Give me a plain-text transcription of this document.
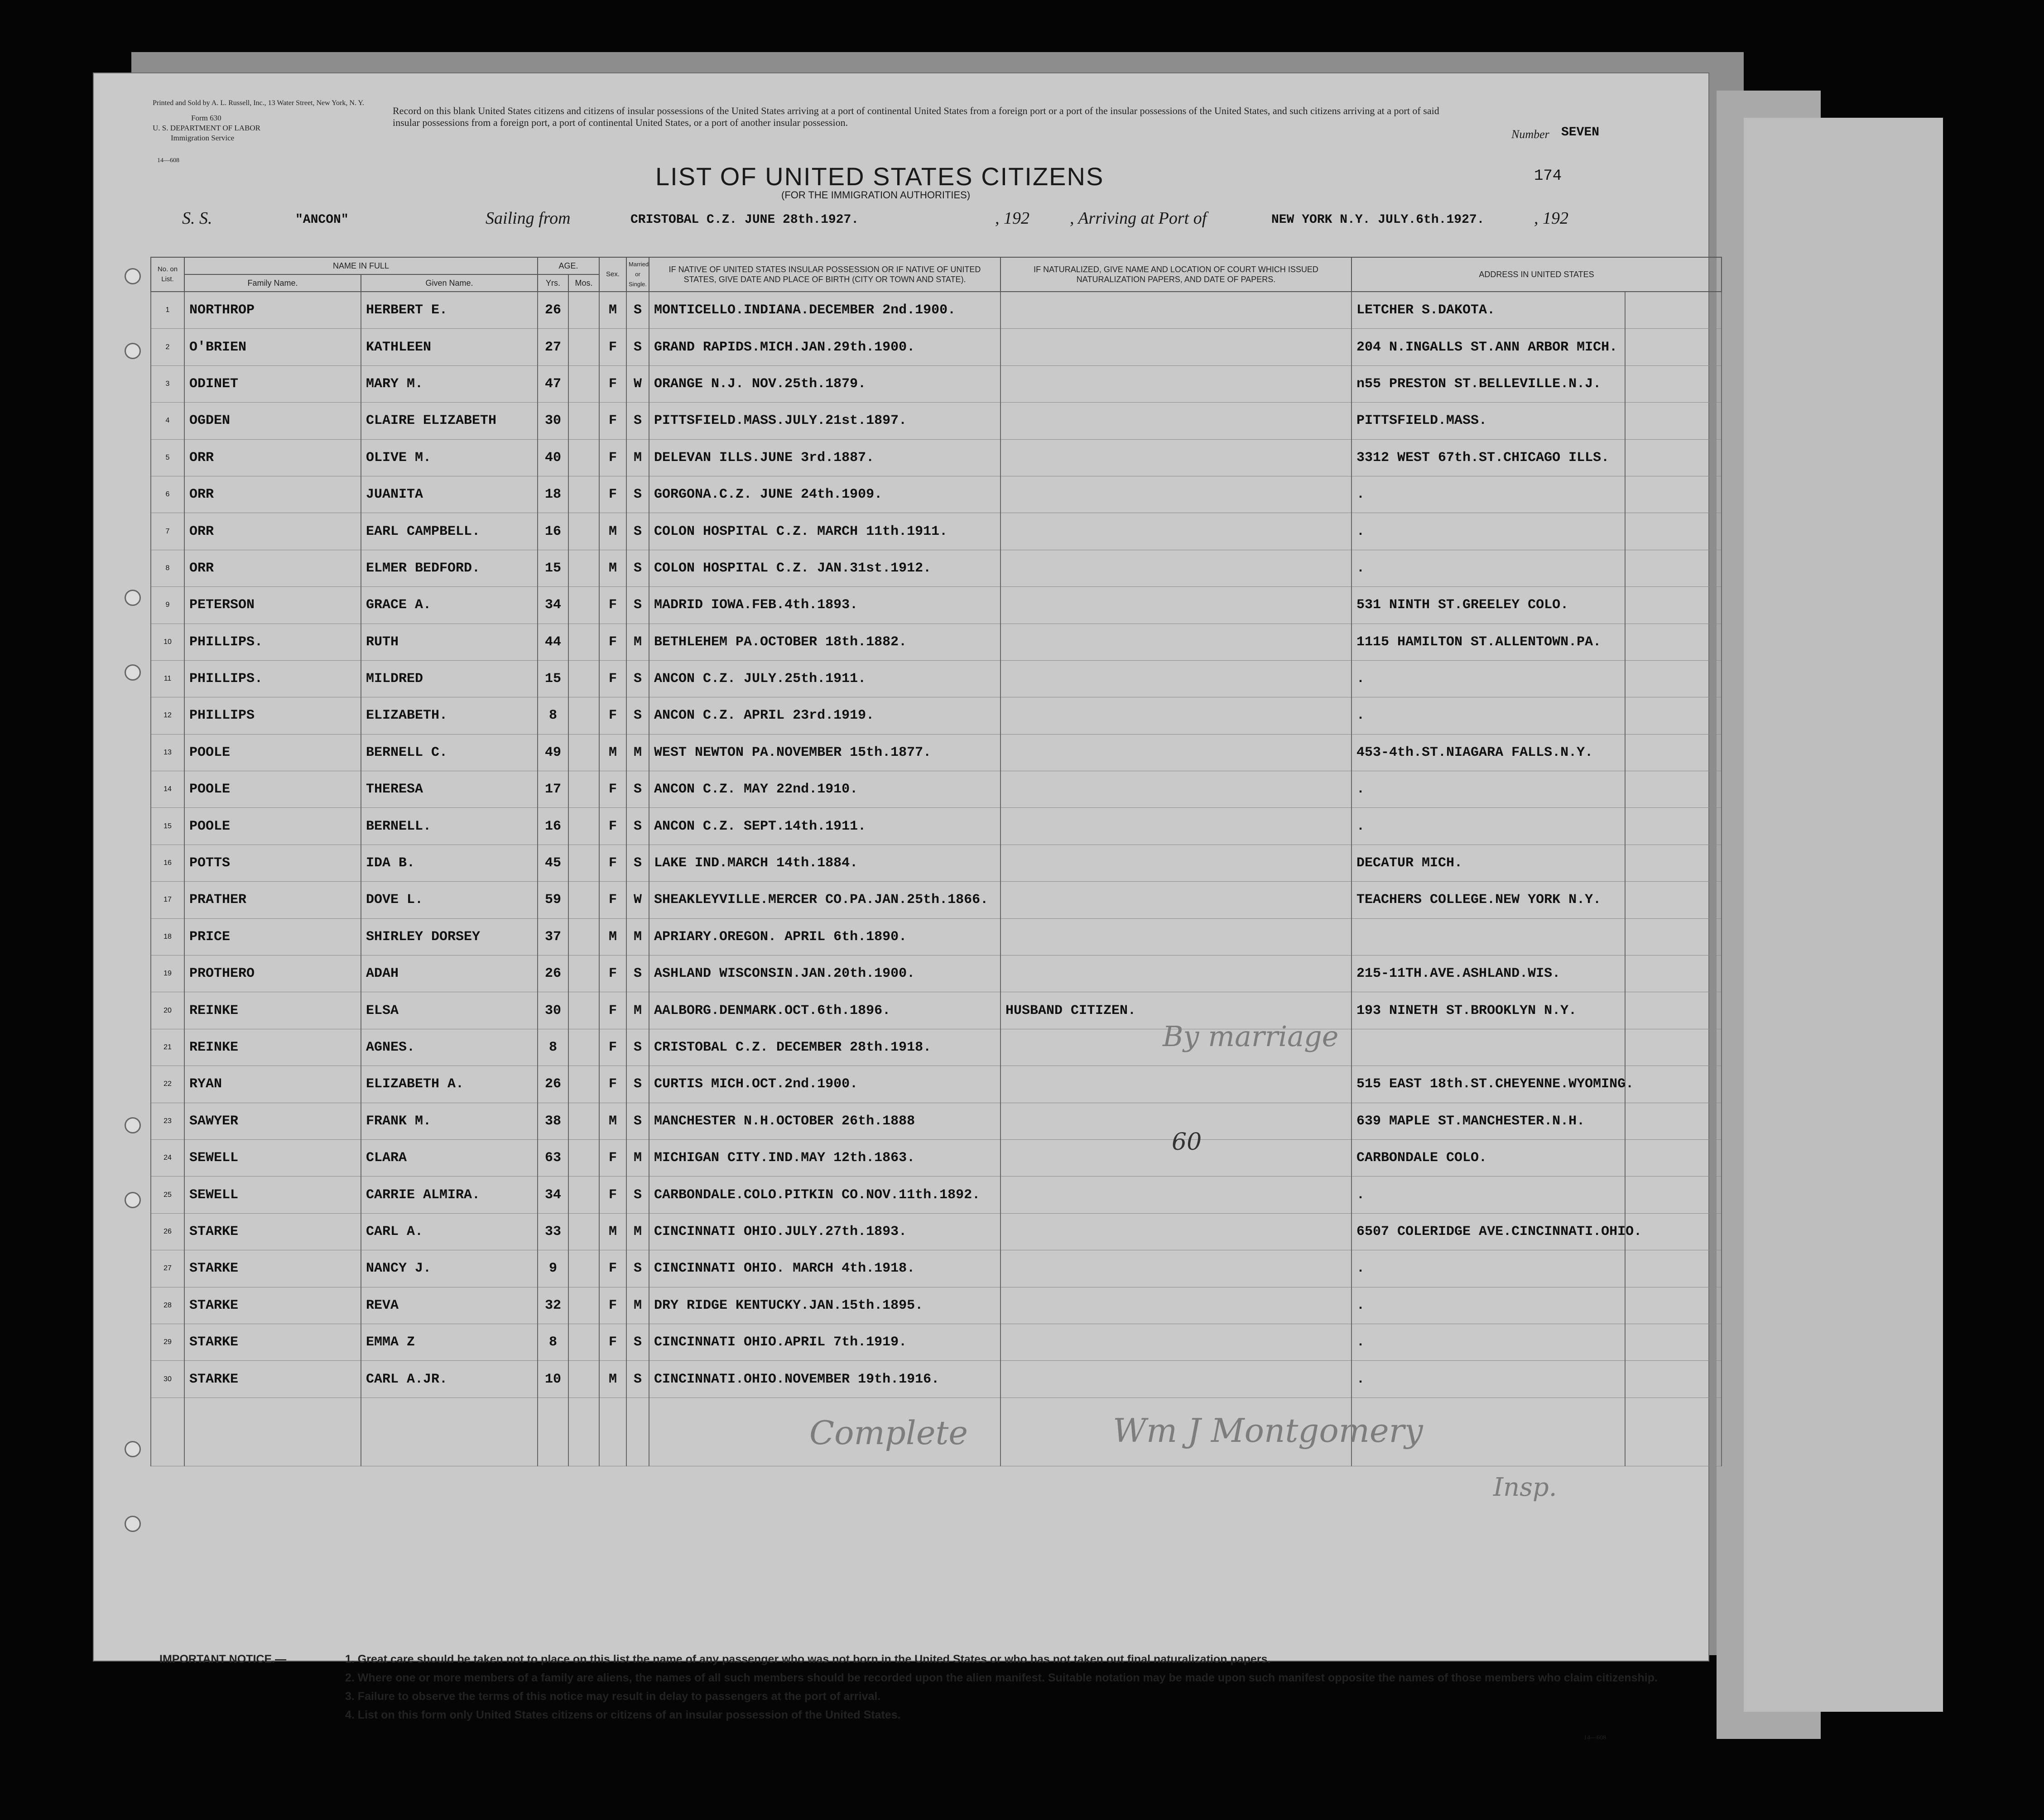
Printed and Sold by A. L. Russell, Inc., 13 Water Street, New York, N. Y.
Form 630
U. S. DEPARTMENT OF LABOR
Immigration Service
14—608
Record on this blank United States citizens and citizens of insular possessions of the United States arriving at a port of continental United States from a foreign port or a port of the insular possessions of the United States, and such citizens arriving at a port of said insular possessions from a foreign port, a port of continental United States, or a port of another insular possession.
Number SEVEN
174
LIST OF UNITED STATES CITIZENS
(FOR THE IMMIGRATION AUTHORITIES)
S. S.	"ANCON"	Sailing from	CRISTOBAL C.Z. JUNE 28th.1927.	, 192 , Arriving at Port of	NEW YORK N.Y. JULY.6th.1927.	, 192
No. on List.	NAME IN FULL		AGE.		Sex.	Married or Single.	IF NATIVE OF UNITED STATES INSULAR POSSESSION OR IF NATIVE OF UNITED STATES, GIVE DATE AND PLACE OF BIRTH (CITY OR TOWN AND STATE).	IF NATURALIZED, GIVE NAME AND LOCATION OF COURT WHICH ISSUED NATURALIZATION PAPERS, AND DATE OF PAPERS.	ADDRESS IN UNITED STATES	
	Family Name.	Given Name.	Yrs.	Mos.						
1	NORTHROP	HERBERT E.	26		M	S	MONTICELLO.INDIANA.DECEMBER 2nd.1900.		LETCHER S.DAKOTA.	
2	O'BRIEN	KATHLEEN	27		F	S	GRAND RAPIDS.MICH.JAN.29th.1900.		204 N.INGALLS ST.ANN ARBOR MICH.	
3	ODINET	MARY M.	47		F	W	ORANGE N.J. NOV.25th.1879.		n55 PRESTON ST.BELLEVILLE.N.J.	
4	OGDEN	CLAIRE ELIZABETH	30		F	S	PITTSFIELD.MASS.JULY.21st.1897.		PITTSFIELD.MASS.	
5	ORR	OLIVE M.	40		F	M	DELEVAN ILLS.JUNE 3rd.1887.		3312 WEST 67th.ST.CHICAGO ILLS.	
6	ORR	JUANITA	18		F	S	GORGONA.C.Z. JUNE 24th.1909.		.	
7	ORR	EARL CAMPBELL.	16		M	S	COLON HOSPITAL C.Z. MARCH 11th.1911.		.	
8	ORR	ELMER BEDFORD.	15		M	S	COLON HOSPITAL C.Z. JAN.31st.1912.		.	
9	PETERSON	GRACE A.	34		F	S	MADRID IOWA.FEB.4th.1893.		531 NINTH ST.GREELEY COLO.	
10	PHILLIPS.	RUTH	44		F	M	BETHLEHEM PA.OCTOBER 18th.1882.		1115 HAMILTON ST.ALLENTOWN.PA.	
11	PHILLIPS.	MILDRED	15		F	S	ANCON C.Z. JULY.25th.1911.		.	
12	PHILLIPS	ELIZABETH.	8		F	S	ANCON C.Z. APRIL 23rd.1919.		.	
13	POOLE	BERNELL C.	49		M	M	WEST NEWTON PA.NOVEMBER 15th.1877.		453-4th.ST.NIAGARA FALLS.N.Y.	
14	POOLE	THERESA	17		F	S	ANCON C.Z. MAY 22nd.1910.		.	
15	POOLE	BERNELL.	16		F	S	ANCON C.Z. SEPT.14th.1911.		.	
16	POTTS	IDA B.	45		F	S	LAKE IND.MARCH 14th.1884.		DECATUR MICH.	
17	PRATHER	DOVE L.	59		F	W	SHEAKLEYVILLE.MERCER CO.PA.JAN.25th.1866.		TEACHERS COLLEGE.NEW YORK N.Y.	
18	PRICE	SHIRLEY DORSEY	37		M	M	APRIARY.OREGON. APRIL 6th.1890.			
19	PROTHERO	ADAH	26		F	S	ASHLAND WISCONSIN.JAN.20th.1900.		215-11TH.AVE.ASHLAND.WIS.	
20	REINKE	ELSA	30		F	M	AALBORG.DENMARK.OCT.6th.1896.	HUSBAND CITIZEN.	193 NINETH ST.BROOKLYN N.Y.	
21	REINKE	AGNES.	8		F	S	CRISTOBAL C.Z. DECEMBER 28th.1918.			
22	RYAN	ELIZABETH A.	26		F	S	CURTIS MICH.OCT.2nd.1900.		515 EAST 18th.ST.CHEYENNE.WYOMING.	
23	SAWYER	FRANK M.	38		M	S	MANCHESTER N.H.OCTOBER 26th.1888		639 MAPLE ST.MANCHESTER.N.H.	
24	SEWELL	CLARA	63		F	M	MICHIGAN CITY.IND.MAY 12th.1863.		CARBONDALE COLO.	
25	SEWELL	CARRIE ALMIRA.	34		F	S	CARBONDALE.COLO.PITKIN CO.NOV.11th.1892.		.	
26	STARKE	CARL A.	33		M	M	CINCINNATI OHIO.JULY.27th.1893.		6507 COLERIDGE AVE.CINCINNATI.OHIO.	
27	STARKE	NANCY J.	9		F	S	CINCINNATI OHIO. MARCH 4th.1918.		.	
28	STARKE	REVA	32		F	M	DRY RIDGE KENTUCKY.JAN.15th.1895.		.	
29	STARKE	EMMA Z	8		F	S	CINCINNATI OHIO.APRIL 7th.1919.		.	
30	STARKE	CARL A.JR.	10		M	S	CINCINNATI.OHIO.NOVEMBER 19th.1916.		.	

By marriage
60
Complete	Wm J Montgomery
Insp.
IMPORTANT NOTICE.—	1. Great care should be taken not to place on this list the name of any passenger who was not born in the United States or who has not taken out final naturalization papers.
2. Where one or more members of a family are aliens, the names of all such members should be recorded upon the alien manifest. Suitable notation may be made upon such manifest opposite the names of those members who claim citizenship.
3. Failure to observe the terms of this notice may result in delay to passengers at the port of arrival.
4. List on this form only United States citizens or citizens of an insular possession of the United States.
14—608
